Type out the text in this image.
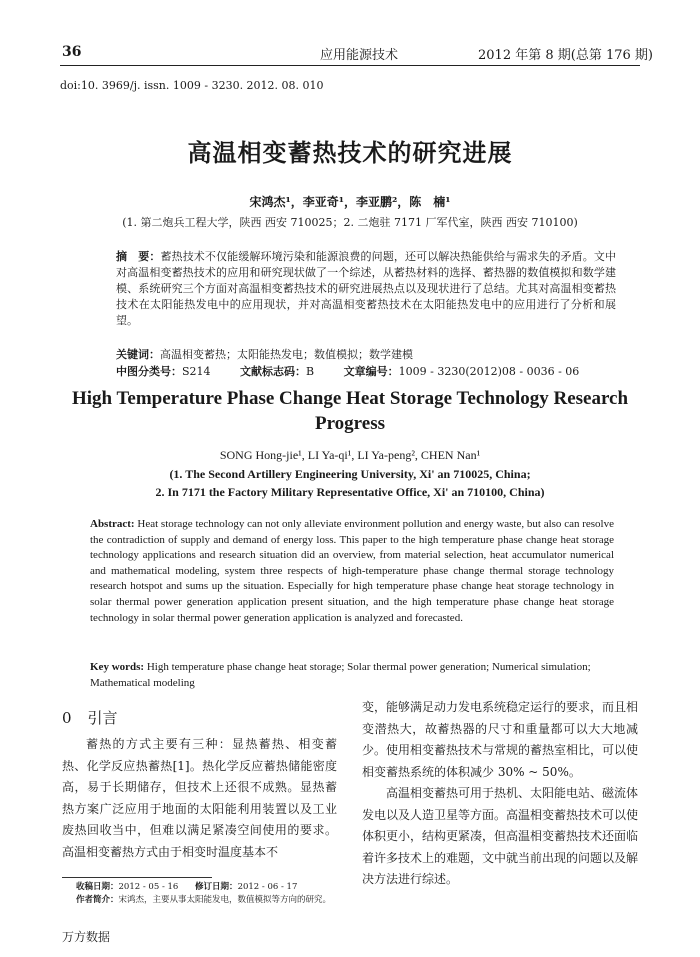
36	应用能源技术	2012 年第 8 期(总第 176 期)
doi:10. 3969/j. issn. 1009 - 3230. 2012. 08. 010
高温相变蓄热技术的研究进展
宋鸿杰¹，李亚奇¹，李亚鹏²，陈　楠¹
(1. 第二炮兵工程大学，陕西 西安 710025；2. 二炮驻 7171 厂军代室，陕西 西安 710100)
摘　要：蓄热技术不仅能缓解环境污染和能源浪费的问题，还可以解决热能供给与需求失的矛盾。文中对高温相变蓄热技术的应用和研究现状做了一个综述，从蓄热材料的选择、蓄热器的数值模拟和数学建模、系统研究三个方面对高温相变蓄热技术的研究进展热点以及现状进行了总结。尤其对高温相变蓄热技术在太阳能热发电中的应用现状，并对高温相变蓄热技术在太阳能热发电中的应用进行了分析和展望。
关键词：高温相变蓄热；太阳能热发电；数值模拟；数学建模
中图分类号：S214	文献标志码：B	文章编号：1009 - 3230(2012)08 - 0036 - 06
High Temperature Phase Change Heat Storage Technology Research Progress
SONG Hong-jie¹, LI Ya-qi¹, LI Ya-peng², CHEN Nan¹
(1. The Second Artillery Engineering University, Xi' an 710025, China;
2. In 7171 the Factory Military Representative Office, Xi' an 710100, China)
Abstract: Heat storage technology can not only alleviate environment pollution and energy waste, but also can resolve the contradiction of supply and demand of energy loss. This paper to the high temperature phase change heat storage technology applications and research situation did an overview, from material selection, heat accumulator numerical and mathematical modeling, system three respects of high-temperature phase change thermal storage technology research hotspot and sums up the situation. Especially for high temperature phase change heat storage technology in solar thermal power generation application present situation, and the high temperature phase change heat storage technology in solar thermal power generation application is analyzed and forecasted.
Key words: High temperature phase change heat storage; Solar thermal power generation; Numerical simulation; Mathematical modeling
0 引言
蓄热的方式主要有三种：显热蓄热、相变蓄热、化学反应热蓄热[1]。热化学反应蓄热储能密度高，易于长期储存，但技术上还很不成熟。显热蓄热方案广泛应用于地面的太阳能利用装置以及工业废热回收当中，但难以满足紧凑空间使用的要求。高温相变蓄热方式由于相变时温度基本不

变，能够满足动力发电系统稳定运行的要求，而且相变潜热大，故蓄热器的尺寸和重量都可以大大地减少。使用相变蓄热技术与常规的蓄热室相比，可以使相变蓄热系统的体积减少 30% ~ 50%。

高温相变蓄热可用于热机、太阳能电站、磁流体发电以及人造卫星等方面。高温相变蓄热技术可以使体积更小，结构更紧凑，但高温相变蓄热技术还面临着许多技术上的难题，文中就当前出现的问题以及解决方法进行综述。

收稿日期：2012 - 05 - 16 修订日期：2012 - 06 - 17
作者简介：宋鸿杰，主要从事太阳能发电，数值模拟等方向的研究。
万方数据
